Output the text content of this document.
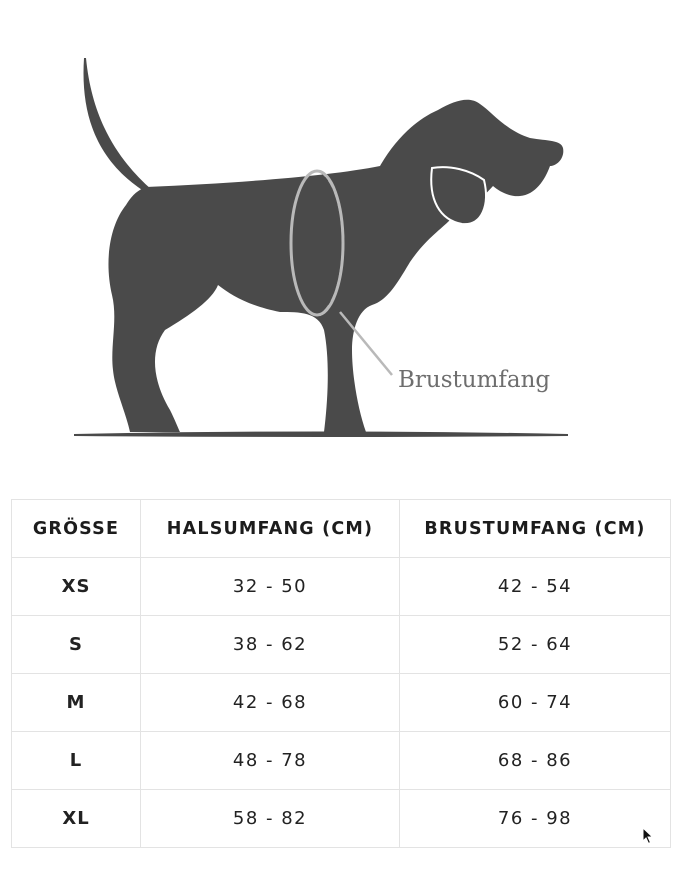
Brustumfang
GRÖSSE	HALSUMFANG (CM)	BRUSTUMFANG (CM)
XS	32 - 50	42 - 54
S	38 - 62	52 - 64
M	42 - 68	60 - 74
L	48 - 78	68 - 86
XL	58 - 82	76 - 98
